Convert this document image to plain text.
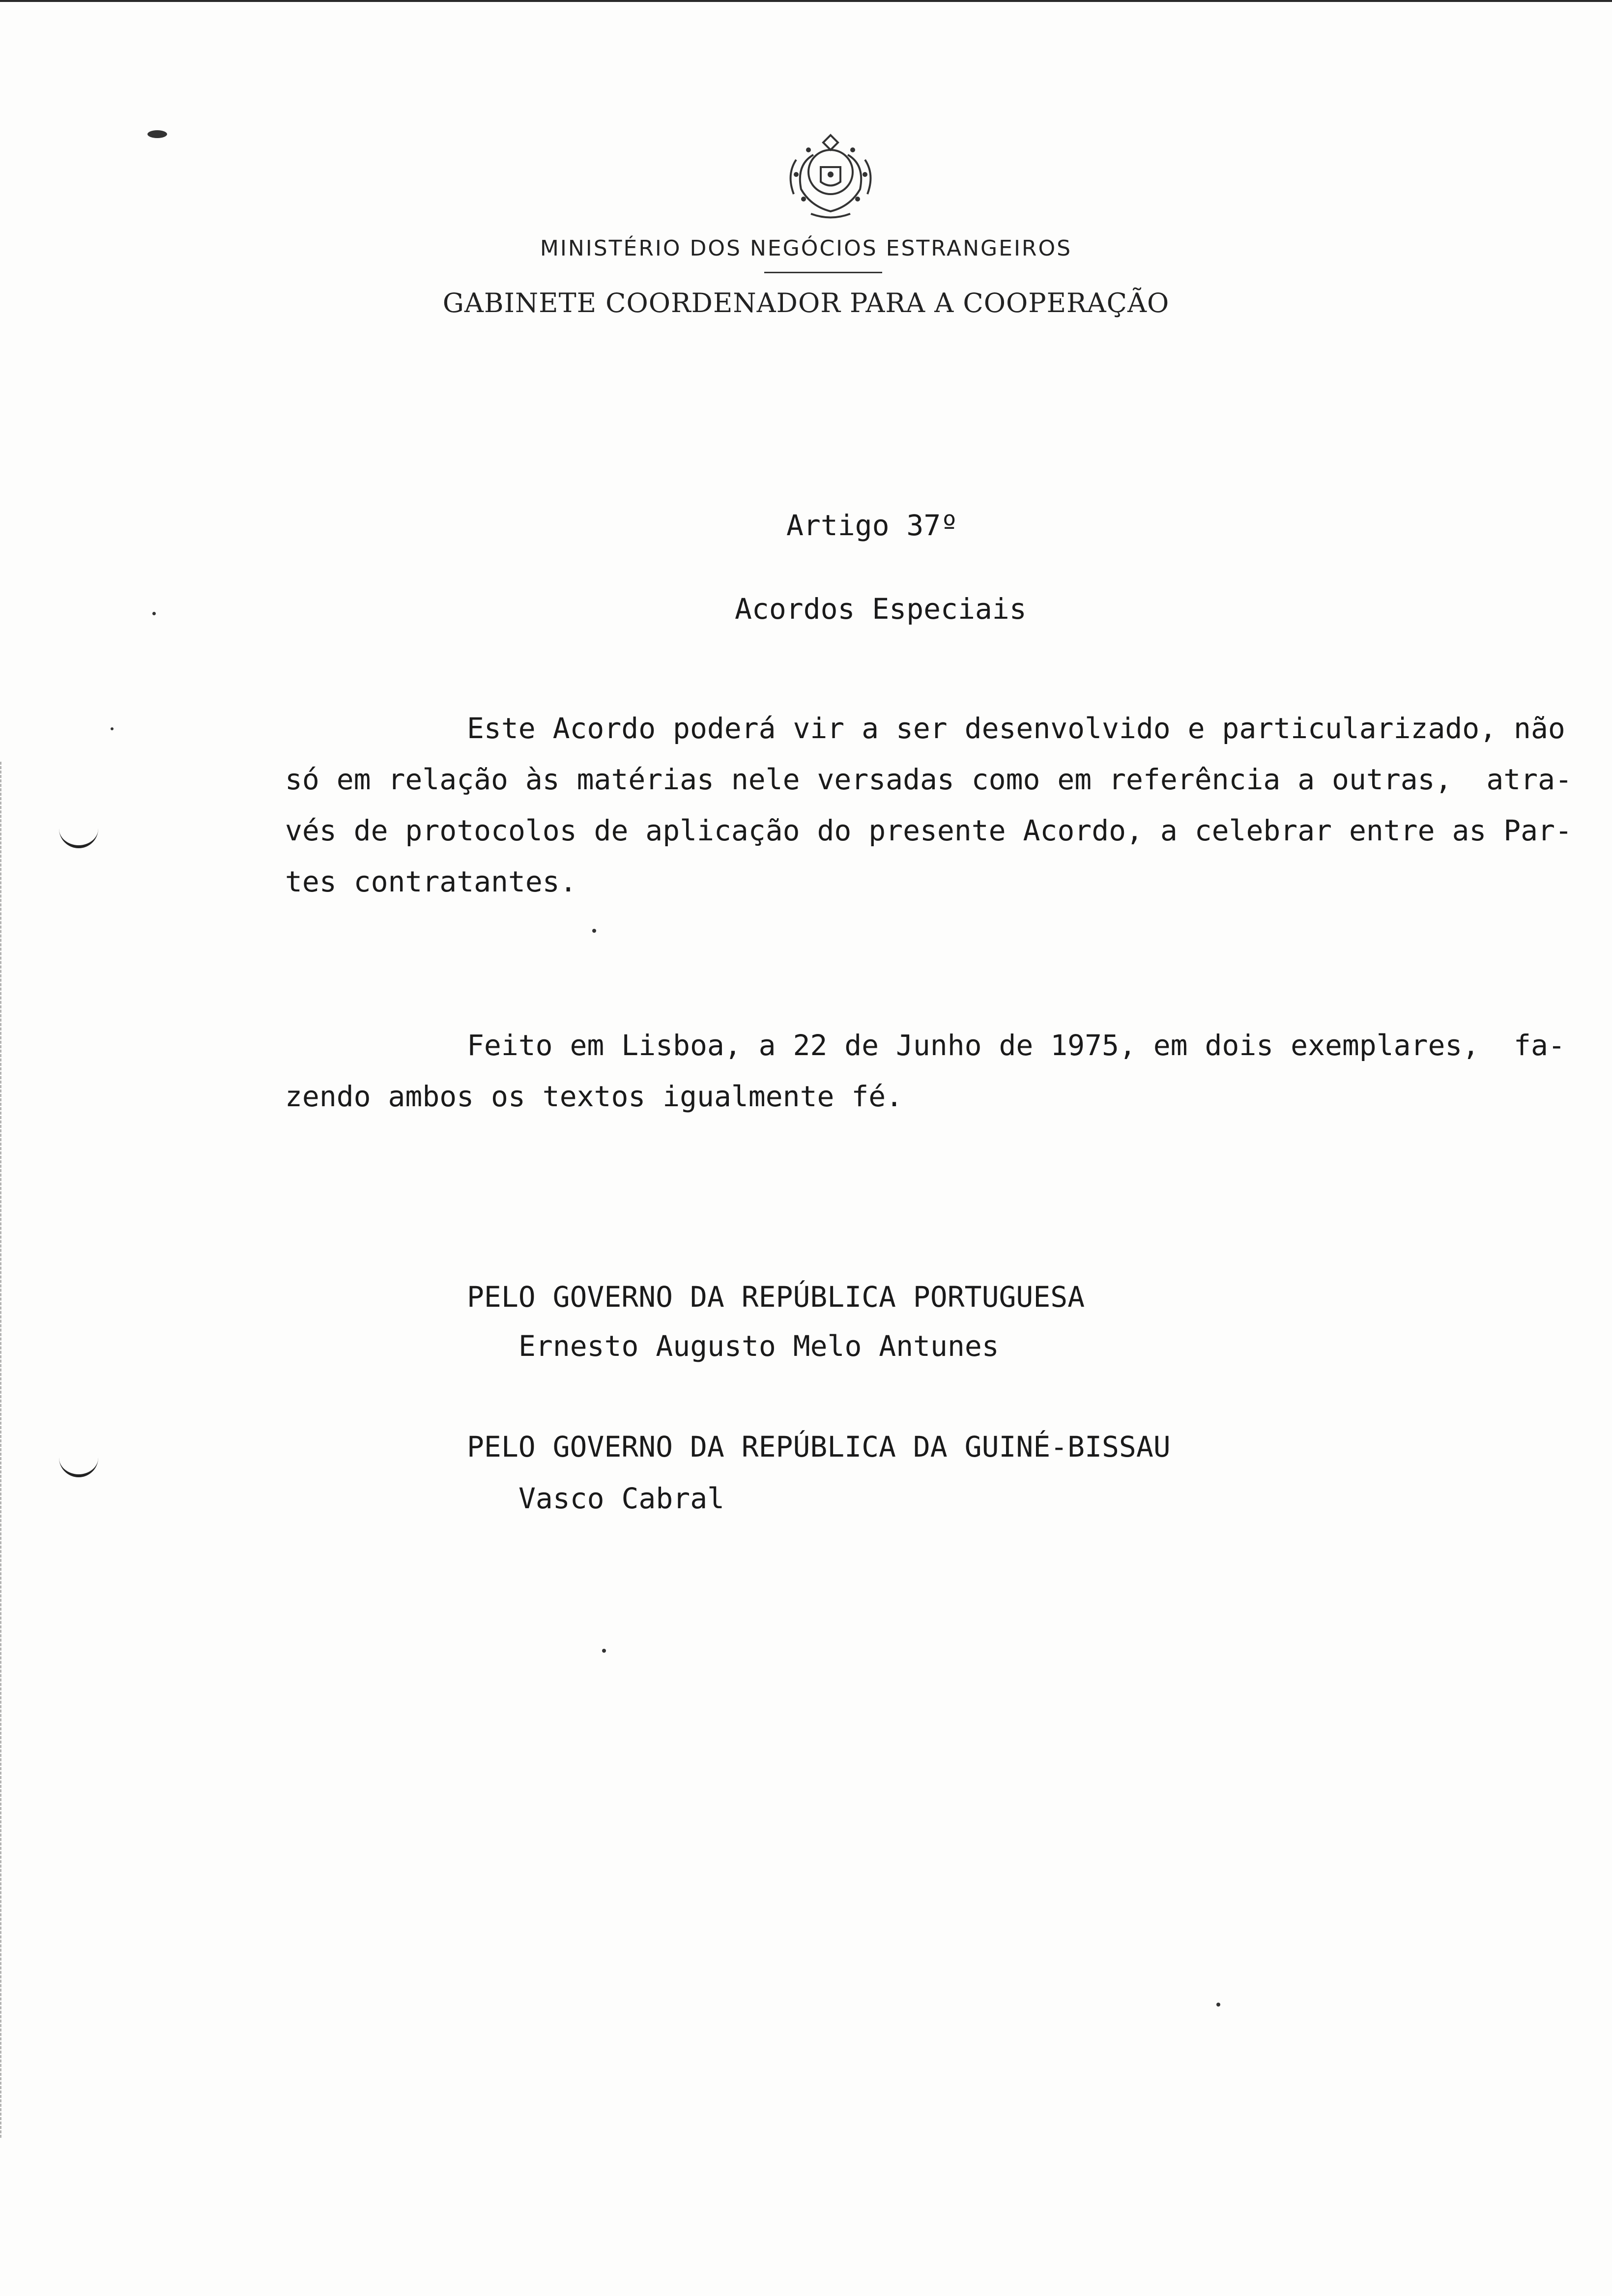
MINISTÉRIO DOS NEGÓCIOS ESTRANGEIROS
GABINETE COORDENADOR PARA A COOPERAÇÃO
Artigo 37º
Acordos Especiais
Este Acordo poderá vir a ser desenvolvido e particularizado, não
só em relação às matérias nele versadas como em referência a outras,  atra-
vés de protocolos de aplicação do presente Acordo, a celebrar entre as Par-
tes contratantes.
Feito em Lisboa, a 22 de Junho de 1975, em dois exemplares,  fa-
zendo ambos os textos igualmente fé.
PELO GOVERNO DA REPÚBLICA PORTUGUESA
Ernesto Augusto Melo Antunes
PELO GOVERNO DA REPÚBLICA DA GUINÉ-BISSAU
Vasco Cabral
